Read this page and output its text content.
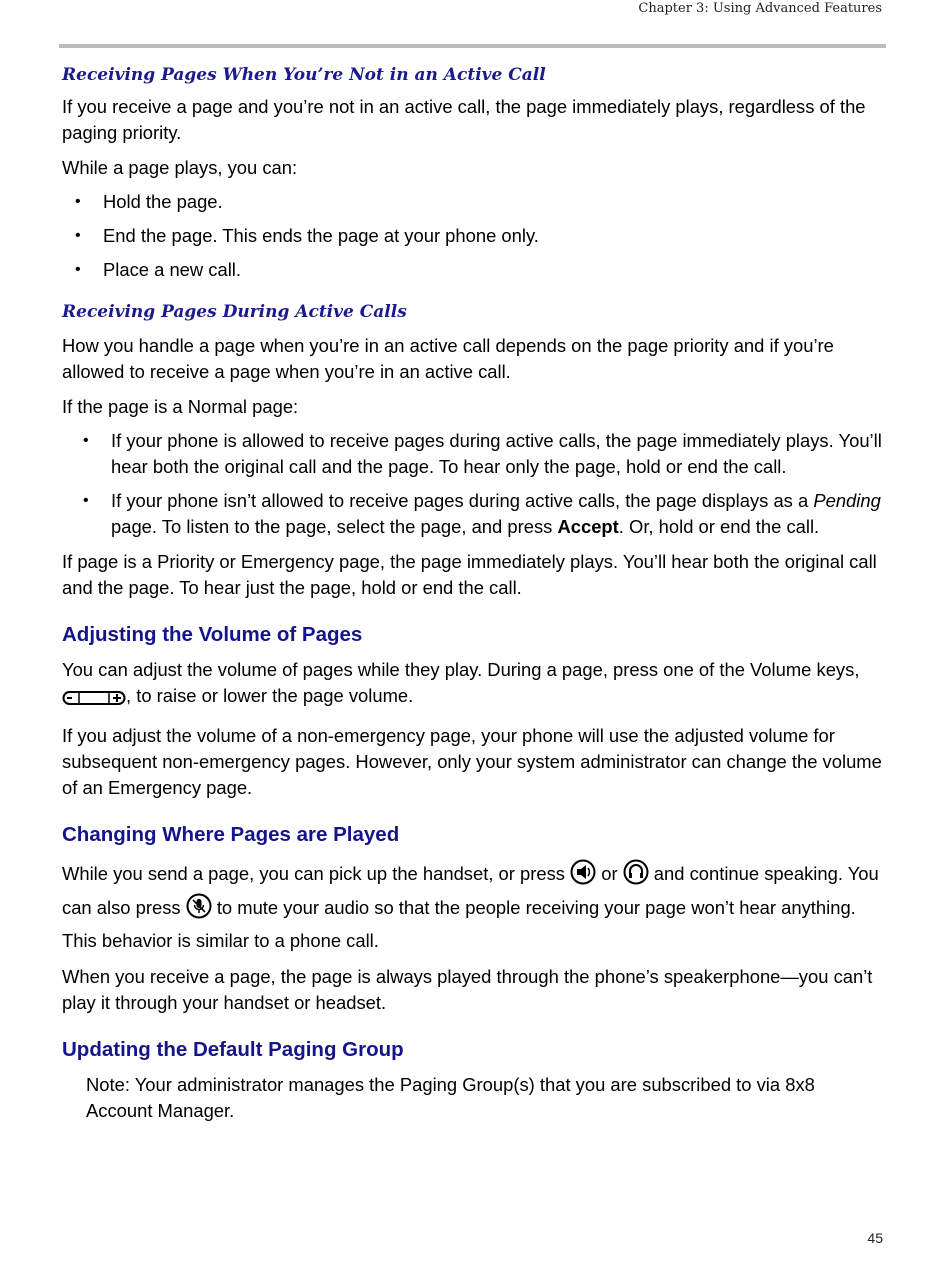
Chapter 3: Using Advanced Features
Receiving Pages When You’re Not in an Active Call

If you receive a page and you’re not in an active call, the page immediately plays, regardless of the paging priority.

While a page plays, you can:

• Hold the page.
• End the page. This ends the page at your phone only.
• Place a new call.
Receiving Pages During Active Calls

How you handle a page when you’re in an active call depends on the page priority and if you’re allowed to receive a page when you’re in an active call.

If the page is a Normal page:

• If your phone is allowed to receive pages during active calls, the page immediately plays. You’ll hear both the original call and the page. To hear only the page, hold or end the call.
• If your phone isn’t allowed to receive pages during active calls, the page displays as a Pending page. To listen to the page, select the page, and press Accept. Or, hold or end the call.

If page is a Priority or Emergency page, the page immediately plays. You’ll hear both the original call and the page. To hear just the page, hold or end the call.

Adjusting the Volume of Pages

You can adjust the volume of pages while they play. During a page, press one of the Volume keys, , to raise or lower the page volume.

If you adjust the volume of a non-emergency page, your phone will use the adjusted volume for subsequent non-emergency pages. However, only your system administrator can change the volume of an Emergency page.

Changing Where Pages are Played

While you send a page, you can pick up the handset, or press  or  and continue speaking. You can also press  to mute your audio so that the people receiving your page won’t hear anything. This behavior is similar to a phone call.

When you receive a page, the page is always played through the phone’s speakerphone—you can’t play it through your handset or headset.

Updating the Default Paging Group

Note: Your administrator manages the Paging Group(s) that you are subscribed to via 8x8 Account Manager.

45
